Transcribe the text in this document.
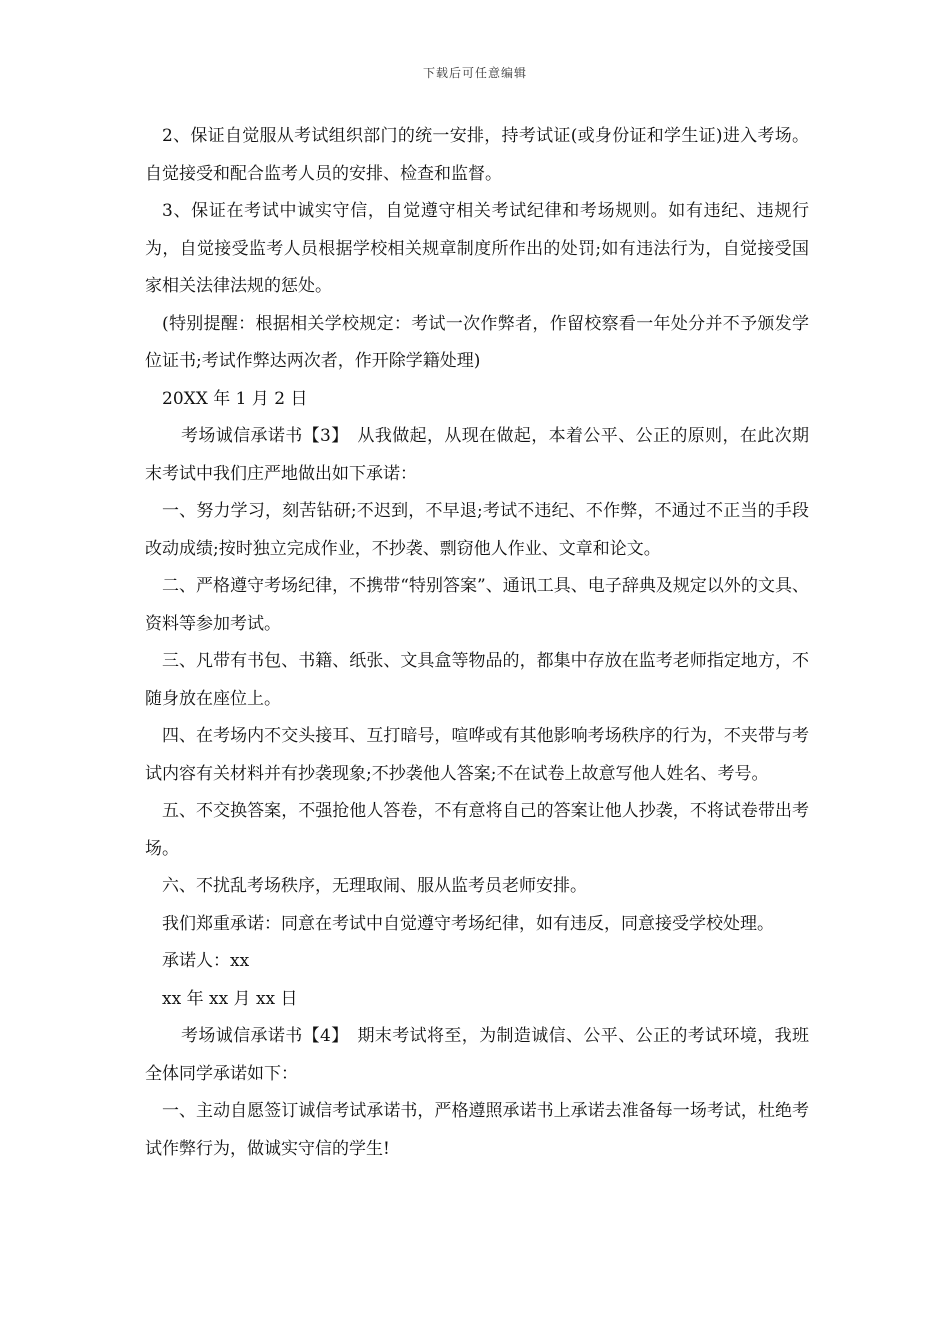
下载后可任意编辑

2、保证自觉服从考试组织部门的统一安排，持考试证(或身份证和学生证)进入考场。自觉接受和配合监考人员的安排、检查和监督。

3、保证在考试中诚实守信，自觉遵守相关考试纪律和考场规则。如有违纪、违规行为，自觉接受监考人员根据学校相关规章制度所作出的处罚;如有违法行为，自觉接受国家相关法律法规的惩处。

(特别提醒：根据相关学校规定：考试一次作弊者，作留校察看一年处分并不予颁发学位证书;考试作弊达两次者，作开除学籍处理)

20XX 年 1 月 2 日

考场诚信承诺书【3】　从我做起，从现在做起，本着公平、公正的原则，在此次期末考试中我们庄严地做出如下承诺：

一、努力学习，刻苦钻研;不迟到，不早退;考试不违纪、不作弊，不通过不正当的手段改动成绩;按时独立完成作业，不抄袭、剽窃他人作业、文章和论文。

二、严格遵守考场纪律，不携带“特别答案”、通讯工具、电子辞典及规定以外的文具、资料等参加考试。

三、凡带有书包、书籍、纸张、文具盒等物品的，都集中存放在监考老师指定地方，不随身放在座位上。

四、在考场内不交头接耳、互打暗号，喧哗或有其他影响考场秩序的行为，不夹带与考试内容有关材料并有抄袭现象;不抄袭他人答案;不在试卷上故意写他人姓名、考号。

五、不交换答案，不强抢他人答卷，不有意将自己的答案让他人抄袭，不将试卷带出考场。

六、不扰乱考场秩序，无理取闹、服从监考员老师安排。

我们郑重承诺：同意在考试中自觉遵守考场纪律，如有违反，同意接受学校处理。

承诺人：xx

xx 年 xx 月 xx 日

考场诚信承诺书【4】　期末考试将至，为制造诚信、公平、公正的考试环境，我班全体同学承诺如下：

一、主动自愿签订诚信考试承诺书，严格遵照承诺书上承诺去准备每一场考试，杜绝考试作弊行为，做诚实守信的学生!
